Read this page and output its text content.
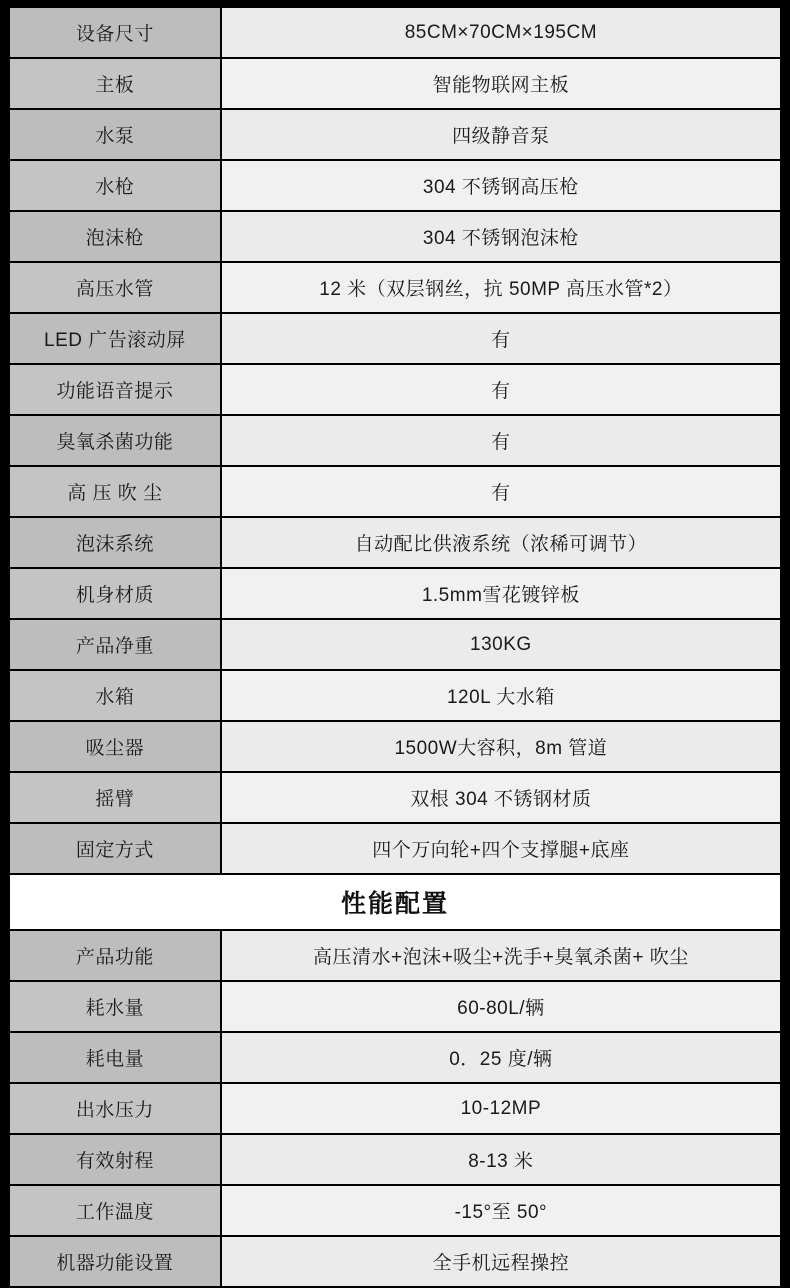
设备尺寸	85CM×70CM×195CM
主板	智能物联网主板
水泵	四级静音泵
水枪	304 不锈钢高压枪
泡沫枪	304 不锈钢泡沫枪
高压水管	12 米（双层钢丝，抗 50MP 高压水管*2）
LED 广告滚动屏	有
功能语音提示	有
臭氧杀菌功能	有
高 压 吹 尘	有
泡沫系统	自动配比供液系统（浓稀可调节）
机身材质	1.5mm雪花镀锌板
产品净重	130KG
水箱	120L 大水箱
吸尘器	1500W大容积，8m 管道
摇臂	双根 304 不锈钢材质
固定方式	四个万向轮+四个支撑腿+底座
性能配置	
产品功能	高压清水+泡沫+吸尘+洗手+臭氧杀菌+ 吹尘
耗水量	60-80L/辆
耗电量	0．25 度/辆
出水压力	10-12MP
有效射程	8-13 米
工作温度	-15°至 50°
机器功能设置	全手机远程操控
